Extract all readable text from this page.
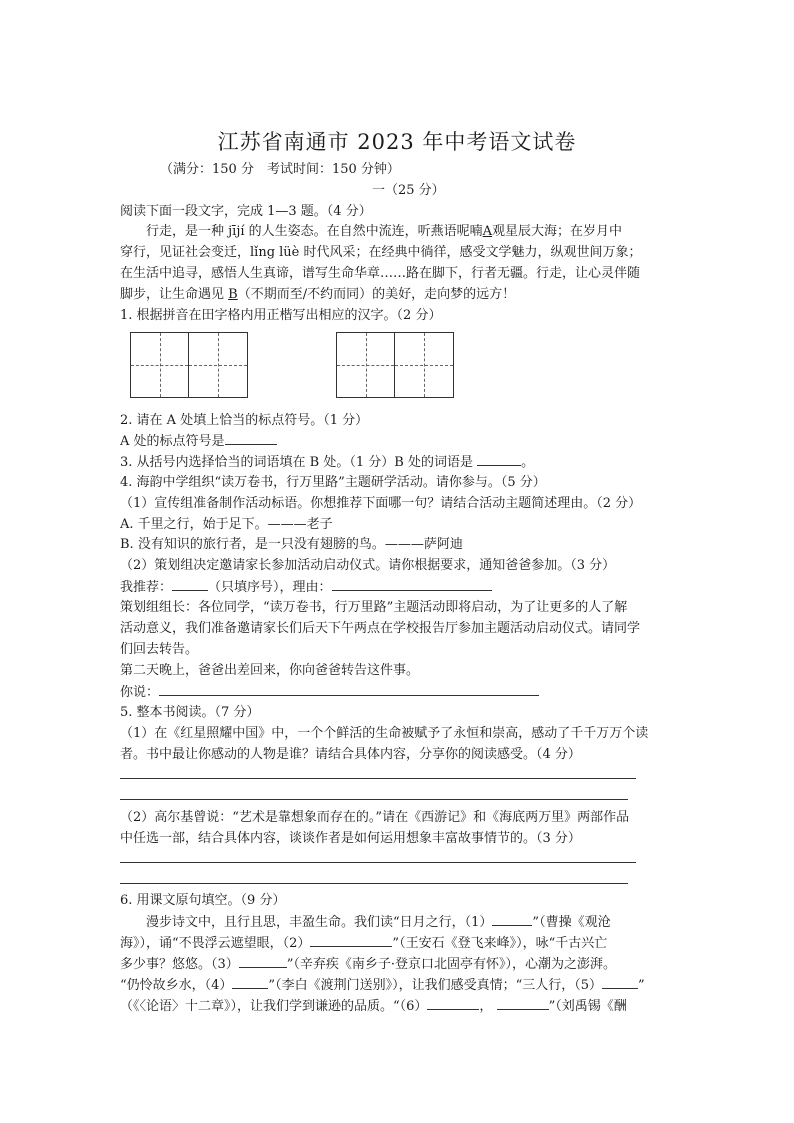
江苏省南通市 2023 年中考语文试卷
（满分：150 分　考试时间：150 分钟）
一（25 分）
阅读下面一段文字，完成 1—3 题。（4 分）
行走，是一种 jījí 的人生姿态。在自然中流连，听燕语呢喃A观星辰大海；在岁月中
穿行，见证社会变迁，lǐng lüè 时代风采；在经典中徜徉，感受文学魅力，纵观世间万象；
在生活中追寻，感悟人生真谛，谱写生命华章……路在脚下，行者无疆。行走，让心灵伴随
脚步，让生命遇见 B（不期而至/不约而同）的美好，走向梦的远方！
1. 根据拼音在田字格内用正楷写出相应的汉字。（2 分）
2. 请在 A 处填上恰当的标点符号。（1 分）
A 处的标点符号是
3. 从括号内选择恰当的词语填在 B 处。（1 分）B 处的词语是	。
4. 海韵中学组织“读万卷书，行万里路”主题研学活动。请你参与。（5 分）
（1）宣传组准备制作活动标语。你想推荐下面哪一句？请结合活动主题简述理由。（2 分）
A. 千里之行，始于足下。———老子
B. 没有知识的旅行者，是一只没有翅膀的鸟。———萨阿迪
（2）策划组决定邀请家长参加活动启动仪式。请你根据要求，通知爸爸参加。（3 分）
我推荐：	（只填序号），理由：
策划组组长：各位同学，“读万卷书，行万里路”主题活动即将启动，为了让更多的人了解
活动意义，我们准备邀请家长们后天下午两点在学校报告厅参加主题活动启动仪式。请同学
们回去转告。
第二天晚上，爸爸出差回来，你向爸爸转告这件事。
你说：
5. 整本书阅读。（7 分）
（1）在《红星照耀中国》中，一个个鲜活的生命被赋予了永恒和崇高，感动了千千万万个读
者。书中最让你感动的人物是谁？请结合具体内容，分享你的阅读感受。（4 分）
（2）高尔基曾说：“艺术是靠想象而存在的。”请在《西游记》和《海底两万里》两部作品
中任选一部，结合具体内容，谈谈作者是如何运用想象丰富故事情节的。（3 分）
6. 用课文原句填空。（9 分）
漫步诗文中，且行且思，丰盈生命。我们读“日月之行，（1）	”（曹操《观沧
海》），诵“不畏浮云遮望眼，（2）	”（王安石《登飞来峰》），咏“千古兴亡
多少事？悠悠。（3）	”（辛弃疾《南乡子·登京口北固亭有怀》），心潮为之澎湃。
“仍怜故乡水，（4）	”（李白《渡荆门送别》），让我们感受真情；“三人行，（5）	”
（《〈论语〉十二章》），让我们学到谦逊的品质。“（6）	，	”（刘禹锡《酬
